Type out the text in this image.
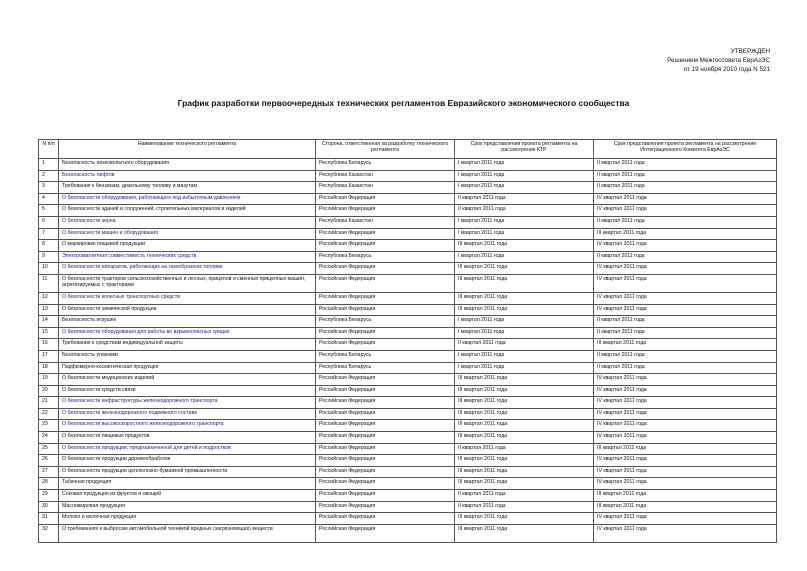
УТВЕРЖДЕН
Решением Межгоссовета ЕврАзЭС
от 19 ноября 2010 года N 521
График разработки первоочередных технических регламентов Евразийского экономического сообщества
N п/п	Наименование технического регламента	Сторона, ответственная за разработку технического регламента	Срок представления проекта регламента на рассмотрение КТР	Срок представления проекта регламента на рассмотрение Интеграционного Комитета ЕврАзЭС
1	Безопасность низковольтного оборудования	Республика Беларусь	I квартал 2011 года	II квартал 2011 года
2	Безопасность лифтов	Республика Казахстан	I квартал 2011 года	II квартал 2011 года
3	Требования к бензинам, дизельному топливу и мазутам	Республика Казахстан	I квартал 2011 года	II квартал 2011 года
4	О безопасности оборудования, работающего под избыточным давлением	Российская Федерация	II квартал 2011 года	IV квартал 2011 года
5	О безопасности зданий и сооружений, строительных материалов и изделий	Российская Федерация	II квартал 2011 года	IV квартал 2011 года
6	О безопасности зерна	Республика Казахстан	I квартал 2011 года	II квартал 2011 года
7	О безопасности машин и оборудования	Российская Федерация	I квартал 2011 года	III квартал 2011 года
8	О маркировке пищевой продукции	Российская Федерация	III квартал 2011 года	IV квартал 2011 года
9	Электромагнитная совместимость технических средств	Республика Беларусь	I квартал 2011 года	II квартал 2011 года
10	О безопасности аппаратов, работающих на газообразном топливе	Российская Федерация	III квартал 2011 года	IV квартал 2011 года
11	О безопасности тракторов сельскохозяйственных и лесных, прицепов и сменных прицепных машин, агрегатируемых с тракторами	Российская Федерация	III квартал 2011 года	IV квартал 2011 года
12	О безопасности колесных транспортных средств	Российская Федерация	III квартал 2011 года	IV квартал 2011 года
13	О безопасности химической продукции	Российская Федерация	III квартал 2011 года	IV квартал 2011 года
14	Безопасность игрушек	Республика Беларусь	I квартал 2011 года	II квартал 2011 года
15	О безопасности оборудования для работы во взрывоопасных средах	Российская Федерация	I квартал 2011 года	II квартал 2011 года
16	Требования к средствам индивидуальной защиты	Российская Федерация	II квартал 2011 года	III квартал 2011 года
17	Безопасность упаковки	Республика Беларусь	I квартал 2011 года	II квартал 2011 года
18	Парфюмерно-косметическая продукция	Республика Беларусь	I квартал 2011 года	II квартал 2011 года
19	О безопасности медицинских изделий	Российская Федерация	III квартал 2011 года	IV квартал 2011 года
20	О безопасности средств связи	Российская Федерация	III квартал 2011 года	IV квартал 2011 года
21	О безопасности инфраструктуры железнодорожного транспорта	Российская Федерация	III квартал 2011 года	IV квартал 2011 года
22	О безопасности железнодорожного подвижного состава	Российская Федерация	III квартал 2011 года	IV квартал 2011 года
23	О безопасности высокоскоростного железнодорожного транспорта	Российская Федерация	III квартал 2011 года	IV квартал 2011 года
24	О безопасности пищевых продуктов	Российская Федерация	III квартал 2011 года	IV квартал 2011 года
25	О безопасности продукции, предназначенной для детей и подростков	Российская Федерация	II квартал 2011 года	III квартал 2011 года
26	О безопасности продукции деревообработки	Российская Федерация	III квартал 2011 года	IV квартал 2011 года
27	О безопасности продукции целлюлозно-бумажной промышленности	Российская Федерация	III квартал 2011 года	IV квартал 2011 года
28	Табачная продукция	Российская Федерация	III квартал 2011 года	IV квартал 2011 года
29	Соковая продукция из фруктов и овощей	Российская Федерация	II квартал 2011 года	III квартал 2011 года
30	Масложировая продукция	Российская Федерация	II квартал 2011 года	III квартал 2011 года
31	Молоко и молочная продукция	Российская Федерация	III квартал 2011 года	IV квартал 2011 года
32	О требованиях к выбросам автомобильной техникой вредных (загрязняющих) веществ	Российская Федерация	III квартал 2011 года	IV квартал 2011 года
